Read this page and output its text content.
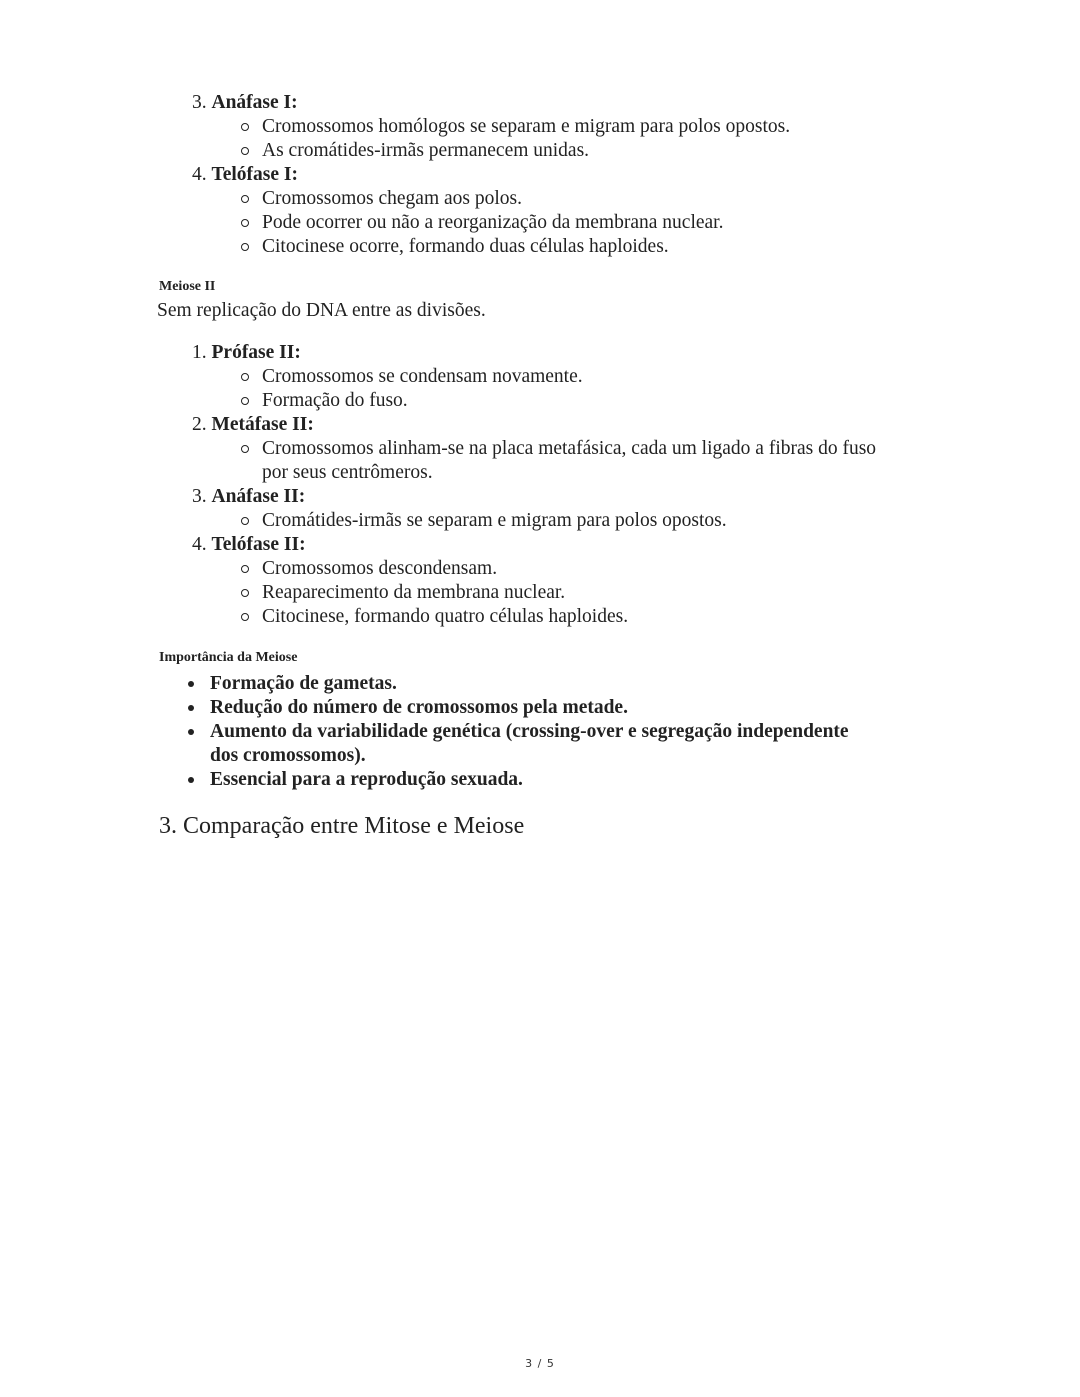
3. Anáfase I:
Cromossomos homólogos se separam e migram para polos opostos.
As cromátides-irmãs permanecem unidas.
4. Telófase I:
Cromossomos chegam aos polos.
Pode ocorrer ou não a reorganização da membrana nuclear.
Citocinese ocorre, formando duas células haploides.
Meiose II
Sem replicação do DNA entre as divisões.
1. Prófase II:
Cromossomos se condensam novamente.
Formação do fuso.
2. Metáfase II:
Cromossomos alinham-se na placa metafásica, cada um ligado a fibras do fuso
por seus centrômeros.
3. Anáfase II:
Cromátides-irmãs se separam e migram para polos opostos.
4. Telófase II:
Cromossomos descondensam.
Reaparecimento da membrana nuclear.
Citocinese, formando quatro células haploides.
Importância da Meiose
Formação de gametas.
Redução do número de cromossomos pela metade.
Aumento da variabilidade genética (crossing-over e segregação independente
dos cromossomos).
Essencial para a reprodução sexuada.
3. Comparação entre Mitose e Meiose
3 / 5
